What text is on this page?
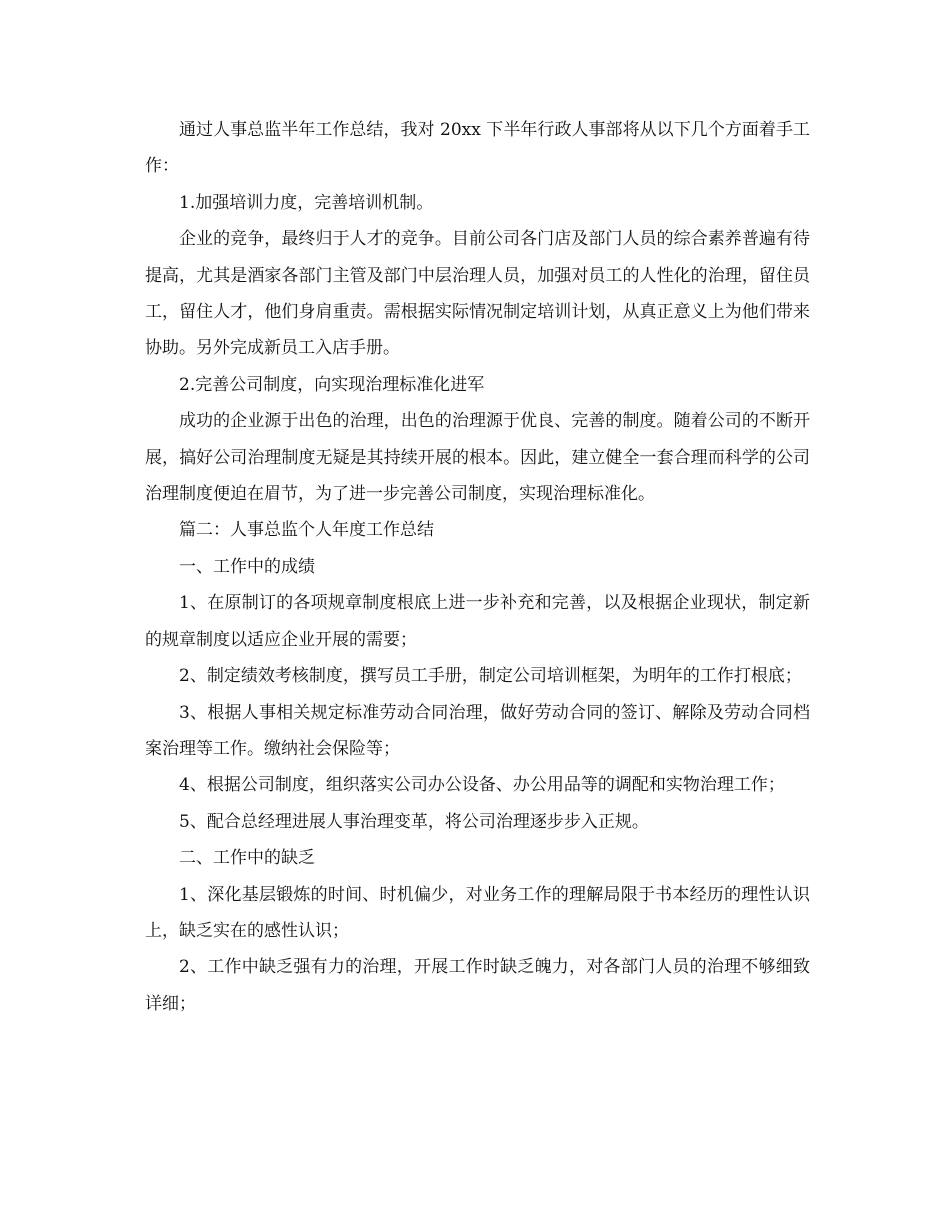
通过人事总监半年工作总结，我对 20xx 下半年行政人事部将从以下几个方面着手工作：

1.加强培训力度，完善培训机制。

企业的竞争，最终归于人才的竞争。目前公司各门店及部门人员的综合素养普遍有待提高，尤其是酒家各部门主管及部门中层治理人员，加强对员工的人性化的治理，留住员工，留住人才，他们身肩重责。需根据实际情况制定培训计划，从真正意义上为他们带来协助。另外完成新员工入店手册。

2.完善公司制度，向实现治理标准化进军

成功的企业源于出色的治理，出色的治理源于优良、完善的制度。随着公司的不断开展，搞好公司治理制度无疑是其持续开展的根本。因此，建立健全一套合理而科学的公司治理制度便迫在眉节，为了进一步完善公司制度，实现治理标准化。

篇二：人事总监个人年度工作总结

一、工作中的成绩

1、在原制订的各项规章制度根底上进一步补充和完善，以及根据企业现状，制定新的规章制度以适应企业开展的需要；

2、制定绩效考核制度，撰写员工手册，制定公司培训框架，为明年的工作打根底；

3、根据人事相关规定标准劳动合同治理，做好劳动合同的签订、解除及劳动合同档案治理等工作。缴纳社会保险等；

4、根据公司制度，组织落实公司办公设备、办公用品等的调配和实物治理工作；

5、配合总经理进展人事治理变革，将公司治理逐步步入正规。

二、工作中的缺乏

1、深化基层锻炼的时间、时机偏少，对业务工作的理解局限于书本经历的理性认识上，缺乏实在的感性认识；

2、工作中缺乏强有力的治理，开展工作时缺乏魄力，对各部门人员的治理不够细致详细；
